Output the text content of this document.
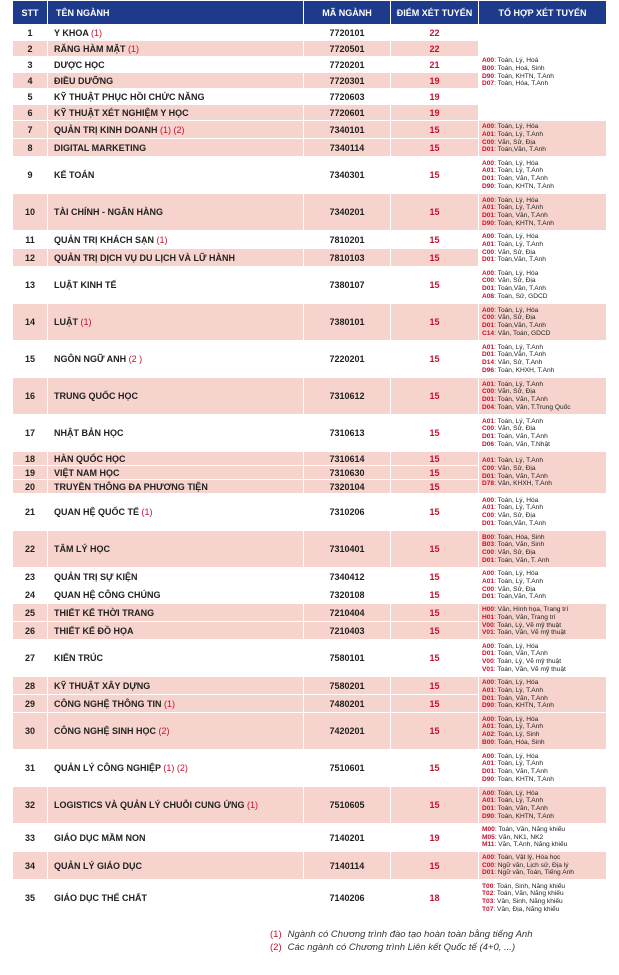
STT	TÊN NGÀNH	MÃ NGÀNH	ĐIỂM XÉT TUYỂN	TỔ HỢP XÉT TUYỂN
1	Y KHOA (1)	7720101	22	A00: Toán, Lý, Hoá
B00: Toán, Hoá, Sinh
D90: Toán, KHTN, T.Anh
D07: Toán, Hóa, T.Anh

2	RĂNG HÀM MẶT (1)	7720501	22	
3	DƯỢC HỌC	7720201	21	
4	ĐIỀU DƯỠNG	7720301	19	
5	KỸ THUẬT PHỤC HỒI CHỨC NĂNG	7720603	19	
6	KỸ THUẬT XÉT NGHIỆM Y HỌC	7720601	19	
7	QUẢN TRỊ KINH DOANH (1) (2)	7340101	15	A00: Toán, Lý, Hóa
A01: Toán, Lý, T.Anh
C00: Văn, Sử, Địa
D01: Toán,Văn, T.Anh

8	DIGITAL MARKETING	7340114	15	
9	KẾ TOÁN	7340301	15	A00: Toán, Lý, Hóa
A01: Toán, Lý, T.Anh
D01: Toán, Văn, T.Anh
D90: Toán, KHTN, T.Anh

10	TÀI CHÍNH - NGÂN HÀNG	7340201	15	A00: Toán, Lý, Hóa
A01: Toán, Lý, T.Anh
D01: Toán, Văn, T.Anh
D90: Toán, KHTN, T.Anh

11	QUẢN TRỊ KHÁCH SẠN (1)	7810201	15	A00: Toán, Lý, Hóa
A01: Toán, Lý, T.Anh
C00: Văn, Sử, Địa
D01: Toán,Văn, T.Anh

12	QUẢN TRỊ DỊCH VỤ DU LỊCH VÀ LỮ HÀNH	7810103	15	
13	LUẬT KINH TẾ	7380107	15	A00: Toán, Lý, Hóa
C00: Văn, Sử, Địa
D01: Toán,Văn, T.Anh
A08: Toán, Sử, GDCD

14	LUẬT (1)	7380101	15	A00: Toán, Lý, Hóa
C00: Văn, Sử, Địa
D01: Toán,Văn, T.Anh
C14: Văn, Toán, GDCD

15	NGÔN NGỮ ANH (2 )	7220201	15	A01: Toán, Lý, T.Anh
D01: Toán,Văn, T.Anh
D14: Văn, Sử, T.Anh
D96: Toán, KHXH, T.Anh

16	TRUNG QUỐC HỌC	7310612	15	A01: Toán, Lý, T.Anh
C00: Văn, Sử, Địa
D01: Toán, Văn, T.Anh
D04: Toán, Văn, T.Trung Quốc

17	NHẬT BẢN HỌC	7310613	15	A01: Toán, Lý, T.Anh
C00: Văn, Sử, Địa
D01: Toán, Văn, T.Anh
D06: Toán, Văn, T.Nhật

18	HÀN QUỐC HỌC	7310614	15	A01: Toán, Lý, T.Anh
C00: Văn, Sử, Địa
D01: Toán, Văn, T.Anh
D78: Văn, KHXH, T.Anh

19	VIỆT NAM HỌC	7310630	15	
20	TRUYỀN THÔNG ĐA PHƯƠNG TIỆN	7320104	15	
21	QUAN HỆ QUỐC TẾ (1)	7310206	15	A00: Toán, Lý, Hóa
A01: Toán, Lý, T.Anh
C00: Văn, Sử, Địa
D01: Toán,Văn, T.Anh

22	TÂM LÝ HỌC	7310401	15	B00: Toán, Hóa, Sinh
B03: Toán, Văn, Sinh
C00: Văn, Sử, Địa
D01: Toán, Văn, T. Anh

23	QUẢN TRỊ SỰ KIỆN	7340412	15	A00: Toán, Lý, Hóa
A01: Toán, Lý, T.Anh
C00: Văn, Sử, Địa
D01: Toán,Văn, T.Anh

24	QUAN HỆ CÔNG CHÚNG	7320108	15	
25	THIẾT KẾ THỜI TRANG	7210404	15	H00: Văn, Hình họa, Trang trí
H01: Toán, Văn, Trang trí
V00: Toán, Lý, Vẽ mỹ thuật
V01: Toán, Văn, Vẽ mỹ thuật

26	THIẾT KẾ ĐỒ HỌA	7210403	15	
27	KIẾN TRÚC	7580101	15	A00: Toán, Lý, Hóa
D01: Toán, Văn, T.Anh
V00: Toán, Lý, Vẽ mỹ thuật
V01: Toán, Văn, Vẽ mỹ thuật

28	KỸ THUẬT XÂY DỰNG	7580201	15	A00: Toán, Lý, Hóa
A01: Toán, Lý, T.Anh
D01: Toán, Văn, T.Anh
D90: Toán, KHTN, T.Anh

29	CÔNG NGHỆ THÔNG TIN (1)	7480201	15	
30	CÔNG NGHỆ SINH HỌC (2)	7420201	15	A00: Toán, Lý, Hóa
A01: Toán, Lý, T.Anh
A02: Toán, Lý, Sinh
B00: Toán, Hóa, Sinh

31	QUẢN LÝ CÔNG NGHIỆP (1) (2)	7510601	15	A00: Toán, Lý, Hóa
A01: Toán, Lý, T.Anh
D01: Toán, Văn, T.Anh
D90: Toán, KHTN, T.Anh

32	LOGISTICS VÀ QUẢN LÝ CHUỖI CUNG ỨNG (1)	7510605	15	A00: Toán, Lý, Hóa
A01: Toán, Lý, T.Anh
D01: Toán, Văn, T.Anh
D90: Toán, KHTN, T.Anh

33	GIÁO DỤC MẦM NON	7140201	19	M00: Toán, Văn, Năng khiếu
M05: Văn, NK1, NK2
M11: Văn, T.Anh, Năng khiếu

34	QUẢN LÝ GIÁO DỤC	7140114	15	A00: Toán, Vật lý, Hóa học
C00: Ngữ văn, Lịch sử, Địa lý
D01: Ngữ văn, Toán, Tiếng Anh

35	GIÁO DỤC THỂ CHẤT	7140206	18	T00: Toán, Sinh, Năng khiếu
T02: Toán, Văn, Năng khiếu
T03: Văn, Sinh, Năng khiếu
T07: Văn, Địa, Năng khiếu
(1) Ngành có Chương trình đào tạo hoàn toàn bằng tiếng Anh
(2) Các ngành có Chương trình Liên kết Quốc tế (4+0, ...)
